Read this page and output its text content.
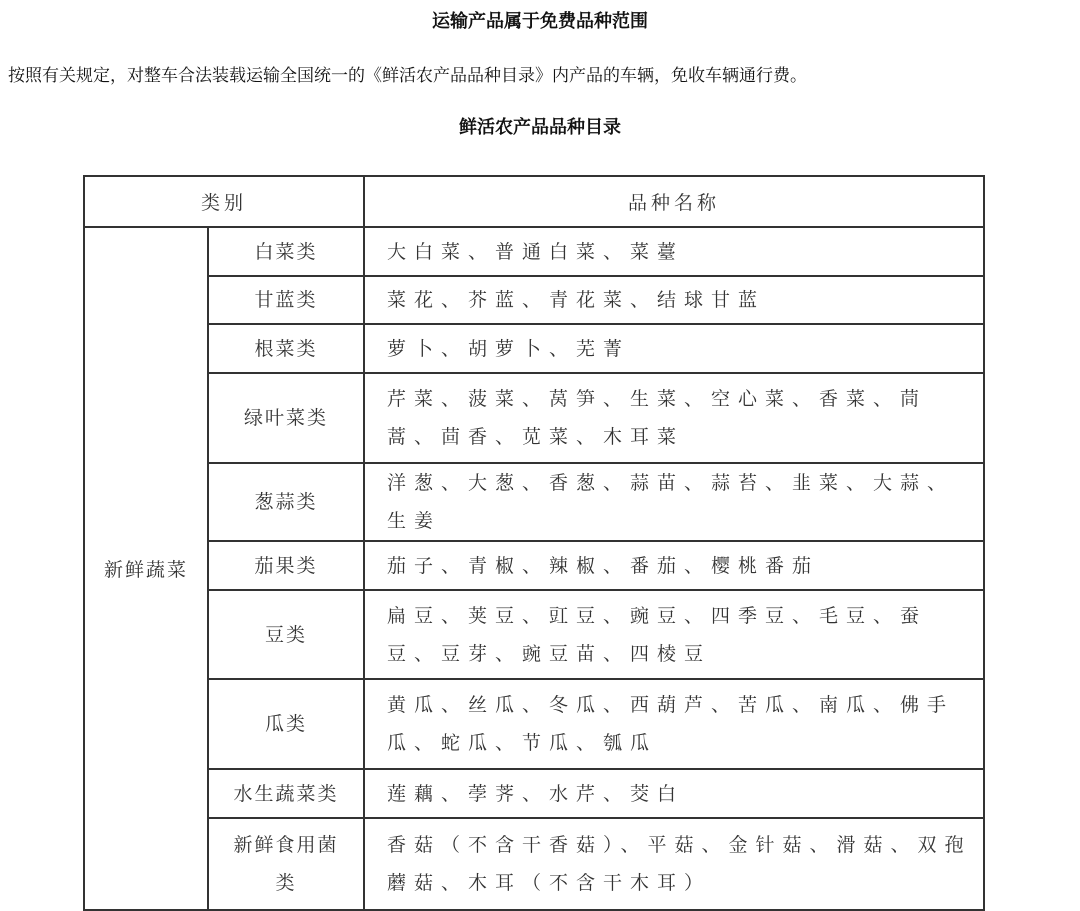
运输产品属于免费品种范围
按照有关规定，对整车合法装载运输全国统一的《鲜活农产品品种目录》内产品的车辆，免收车辆通行费。
鲜活农产品品种目录
类别		品种名称
新鲜蔬菜	白菜类	大白菜、普通白菜、菜薹
	甘蓝类	菜花、芥蓝、青花菜、结球甘蓝
	根菜类	萝卜、胡萝卜、芜菁
	绿叶菜类	芹菜、菠菜、莴笋、生菜、空心菜、香菜、茼蒿、茴香、苋菜、木耳菜
	葱蒜类	洋葱、大葱、香葱、蒜苗、蒜苔、韭菜、大蒜、生姜
	茄果类	茄子、青椒、辣椒、番茄、樱桃番茄
	豆类	扁豆、荚豆、豇豆、豌豆、四季豆、毛豆、蚕豆、豆芽、豌豆苗、四棱豆
	瓜类	黄瓜、丝瓜、冬瓜、西葫芦、苦瓜、南瓜、佛手瓜、蛇瓜、节瓜、瓠瓜
	水生蔬菜类	莲藕、荸荠、水芹、茭白
	新鲜食用菌类	香菇（不含干香菇）、平菇、金针菇、滑菇、双孢蘑菇、木耳（不含干木耳）
